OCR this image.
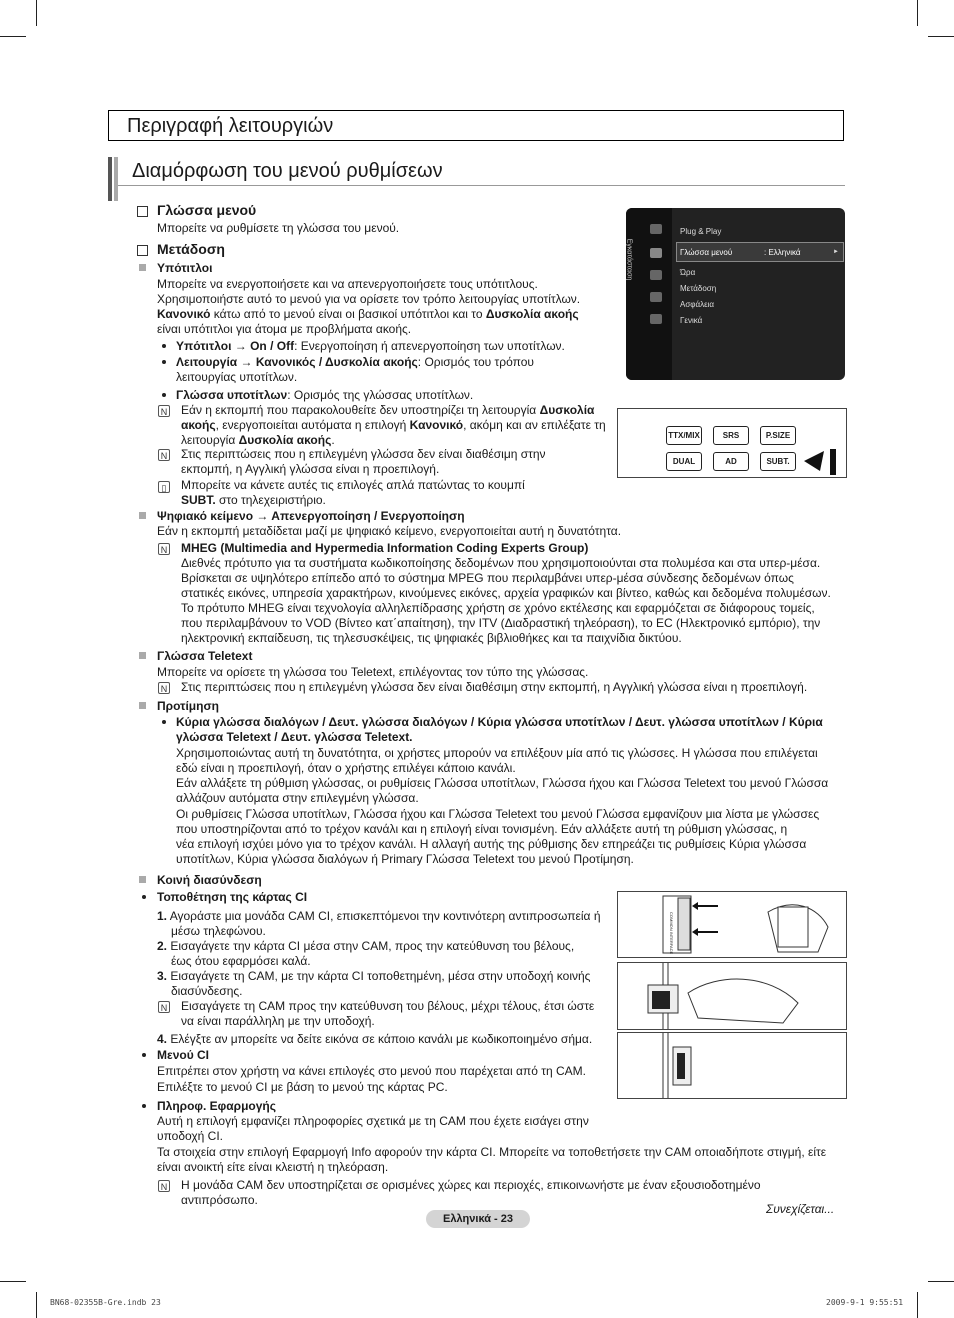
Περιγραφή λειτουργιών
Διαμόρφωση του μενού ρυθμίσεων
Γλώσσα μενού
Μπορείτε να ρυθμίσετε τη γλώσσα του μενού.
Μετάδοση
Υπότιτλοι
Μπορείτε να ενεργοποιήσετε και να απενεργοποιήσετε τους υπότιτλους.
Χρησιμοποιήστε αυτό το μενού για να ορίσετε τον τρόπο λειτουργίας υποτίτλων.
Κανονικό κάτω από το μενού είναι οι βασικοί υπότιτλοι και το Δυσκολία ακοής
είναι υπότιτλοι για άτομα με προβλήματα ακοής.
Υπότιτλοι → On / Off: Ενεργοποίηση ή απενεργοποίηση των υποτίτλων.
Λειτουργία → Κανονικός / Δυσκολία ακοής: Ορισμός του τρόπου
λειτουργίας υποτίτλων.
Γλώσσα υποτίτλων: Ορισμός της γλώσσας υποτίτλων.
N Εάν η εκπομπή που παρακολουθείτε δεν υποστηρίζει τη λειτουργία Δυσκολία
ακοής, ενεργοποιείται αυτόματα η επιλογή Κανονικό, ακόμη και αν επιλέξατε τη
λειτουργία Δυσκολία ακοής.
N Στις περιπτώσεις που η επιλεγμένη γλώσσα δεν είναι διαθέσιμη στην
εκπομπή, η Αγγλική γλώσσα είναι η προεπιλογή.
▯ Μπορείτε να κάνετε αυτές τις επιλογές απλά πατώντας το κουμπί
SUBT. στο τηλεχειριστήριο.
Ψηφιακό κείμενο → Απενεργοποίηση / Ενεργοποίηση
Εάν η εκπομπή μεταδίδεται μαζί με ψηφιακό κείμενο, ενεργοποιείται αυτή η δυνατότητα.
N MHEG (Multimedia and Hypermedia Information Coding Experts Group)
Διεθνές πρότυπο για τα συστήματα κωδικοποίησης δεδομένων που χρησιμοποιούνται στα πολυμέσα και στα υπερ-μέσα.
Βρίσκεται σε υψηλότερο επίπεδο από το σύστημα MPEG που περιλαμβάνει υπερ-μέσα σύνδεσης δεδομένων όπως
στατικές εικόνες, υπηρεσία χαρακτήρων, κινούμενες εικόνες, αρχεία γραφικών και βίντεο, καθώς και δεδομένα πολυμέσων.
Το πρότυπο MHEG είναι τεχνολογία αλληλεπίδρασης χρήστη σε χρόνο εκτέλεσης και εφαρμόζεται σε διάφορους τομείς,
που περιλαμβάνουν το VOD (Βίντεο κατ΄απαίτηση), την ITV (Διαδραστική τηλεόραση), το EC (Ηλεκτρονικό εμπόριο), την
ηλεκτρονική εκπαίδευση, τις τηλεσυσκέψεις, τις ψηφιακές βιβλιοθήκες και τα παιχνίδια δικτύου.
Γλώσσα Teletext
Μπορείτε να ορίσετε τη γλώσσα του Teletext, επιλέγοντας τον τύπο της γλώσσας.
N Στις περιπτώσεις που η επιλεγμένη γλώσσα δεν είναι διαθέσιμη στην εκπομπή, η Αγγλική γλώσσα είναι η προεπιλογή.
Προτίμηση
Κύρια γλώσσα διαλόγων / Δευτ. γλώσσα διαλόγων / Κύρια γλώσσα υποτίτλων / Δευτ. γλώσσα υποτίτλων / Κύρια
γλώσσα Teletext / Δευτ. γλώσσα Teletext.
Χρησιμοποιώντας αυτή τη δυνατότητα, οι χρήστες μπορούν να επιλέξουν μία από τις γλώσσες. Η γλώσσα που επιλέγεται
εδώ είναι η προεπιλογή, όταν ο χρήστης επιλέγει κάποιο κανάλι.
Εάν αλλάξετε τη ρύθμιση γλώσσας, οι ρυθμίσεις Γλώσσα υποτίτλων, Γλώσσα ήχου και Γλώσσα Teletext του μενού Γλώσσα
αλλάζουν αυτόματα στην επιλεγμένη γλώσσα.
Οι ρυθμίσεις Γλώσσα υποτίτλων, Γλώσσα ήχου και Γλώσσα Teletext του μενού Γλώσσα εμφανίζουν μια λίστα με γλώσσες
που υποστηρίζονται από το τρέχον κανάλι και η επιλογή είναι τονισμένη. Εάν αλλάξετε αυτή τη ρύθμιση γλώσσας, η
νέα επιλογή ισχύει μόνο για το τρέχον κανάλι. Η αλλαγή αυτής της ρύθμισης δεν επηρεάζει τις ρυθμίσεις Κύρια γλώσσα
υποτίτλων, Κύρια γλώσσα διαλόγων ή Primary Γλώσσα Teletext του μενού Προτίμηση.
Κοινή διασύνδεση
Τοποθέτηση της κάρτας CI
1. Αγοράστε μια μονάδα CAM CI, επισκεπτόμενοι την κοντινότερη αντιπροσωπεία ή
μέσω τηλεφώνου.
2. Εισαγάγετε την κάρτα CI μέσα στην CAM, προς την κατεύθυνση του βέλους,
έως ότου εφαρμόσει καλά.
3. Εισαγάγετε τη CAM, με την κάρτα CI τοποθετημένη, μέσα στην υποδοχή κοινής
διασύνδεσης.
N Εισαγάγετε τη CAM προς την κατεύθυνση του βέλους, μέχρι τέλους, έτσι ώστε
να είναι παράλληλη με την υποδοχή.
4. Ελέγξτε αν μπορείτε να δείτε εικόνα σε κάποιο κανάλι με κωδικοποιημένο σήμα.
Μενού CI
Επιτρέπει στον χρήστη να κάνει επιλογές στο μενού που παρέχεται από τη CAM.
Επιλέξτε το μενού CI με βάση το μενού της κάρτας PC.
Πληροφ. Εφαρμογής
Αυτή η επιλογή εμφανίζει πληροφορίες σχετικά με τη CAM που έχετε εισάγει στην
υποδοχή CI.
Τα στοιχεία στην επιλογή Εφαρμογή Info αφορούν την κάρτα CI. Μπορείτε να τοποθετήσετε την CAM οποιαδήποτε στιγμή, είτε
είναι ανοικτή είτε είναι κλειστή η τηλεόραση.
N Η μονάδα CAM δεν υποστηρίζεται σε ορισμένες χώρες και περιοχές, επικοινωνήστε με έναν εξουσιοδοτημένο
αντιπρόσωπο.
Εγκατάσταση
Plug & Play
Γλώσσα μενού	: Ελληνικά	►
Ώρα
Μετάδοση
Ασφάλεια
Γενικά
TTX/MIX	SRS	P.SIZE
DUAL	AD	SUBT.
COMMON INTERFACE
Συνεχίζεται...
Ελληνικά - 23
BN68-02355B-Gre.indb 23	2009-9-1 9:55:51
